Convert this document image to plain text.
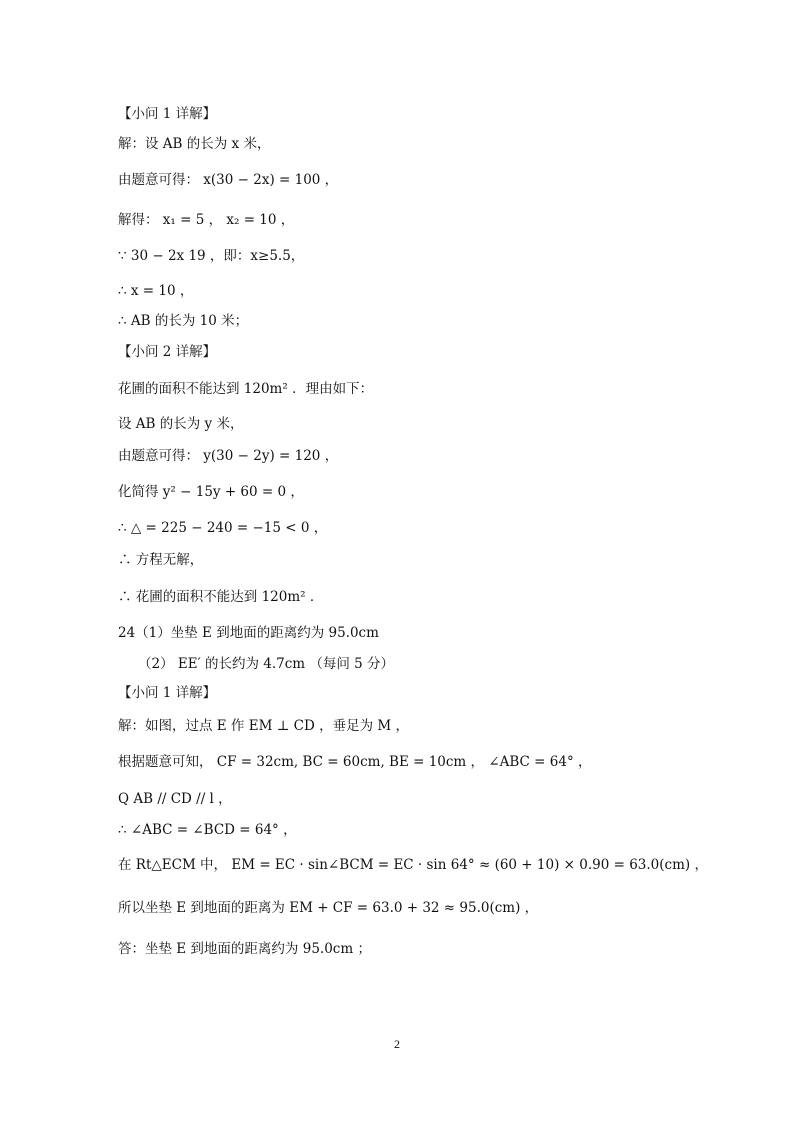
【小问 1 详解】
解：设 AB 的长为 x 米，
由题意可得： x(30 − 2x) = 100 ，
解得： x₁ = 5 ， x₂ = 10 ，
∵ 30 − 2x 19 ，即：x≥5.5，
∴ x = 10 ，
∴ AB 的长为 10 米；
【小问 2 详解】
花圃的面积不能达到 120m² ．理由如下：
设 AB 的长为 y 米，
由题意可得： y(30 − 2y) = 120 ，
化简得 y² − 15y + 60 = 0 ，
∴ △ = 225 − 240 = −15 < 0 ，
∴ 方程无解，
∴ 花圃的面积不能达到 120m² ．
24（1）坐垫 E 到地面的距离约为 95.0cm
（2） EE′ 的长约为 4.7cm （每问 5 分）
【小问 1 详解】
解：如图，过点 E 作 EM ⊥ CD ，垂足为 M ，
根据题意可知， CF = 32cm, BC = 60cm, BE = 10cm ， ∠ABC = 64° ，
Q AB // CD // l ，
∴ ∠ABC = ∠BCD = 64° ，
在 Rt△ECM 中， EM = EC · sin∠BCM = EC · sin 64° ≈ (60 + 10) × 0.90 = 63.0(cm) ，
所以坐垫 E 到地面的距离为 EM + CF = 63.0 + 32 ≈ 95.0(cm) ，
答：坐垫 E 到地面的距离约为 95.0cm ；
2
